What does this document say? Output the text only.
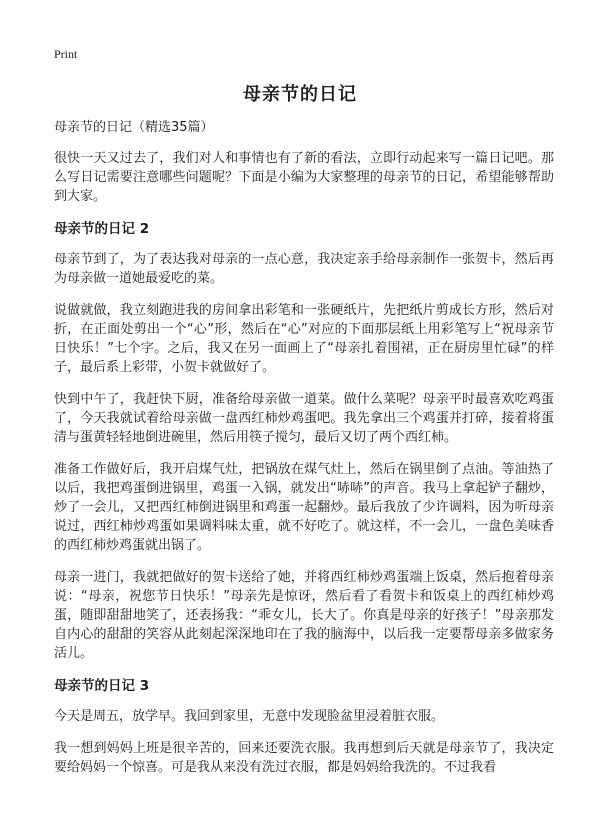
Print
母亲节的日记
母亲节的日记（精选35篇）

很快一天又过去了，我们对人和事情也有了新的看法，立即行动起来写一篇日记吧。那么写日记需要注意哪些问题呢？下面是小编为大家整理的母亲节的日记，希望能够帮助到大家。

母亲节的日记 2

母亲节到了，为了表达我对母亲的一点心意，我决定亲手给母亲制作一张贺卡，然后再为母亲做一道她最爱吃的菜。

说做就做，我立刻跑进我的房间拿出彩笔和一张硬纸片，先把纸片剪成长方形，然后对折，在正面处剪出一个“心”形，然后在“心”对应的下面那层纸上用彩笔写上“祝母亲节日快乐！”七个字。之后，我又在另一面画上了“母亲扎着围裙，正在厨房里忙碌”的样子，最后系上彩带，小贺卡就做好了。

快到中午了，我赶快下厨，准备给母亲做一道菜。做什么菜呢？母亲平时最喜欢吃鸡蛋了，今天我就试着给母亲做一盘西红柿炒鸡蛋吧。我先拿出三个鸡蛋并打碎，接着将蛋清与蛋黄轻轻地倒进碗里，然后用筷子搅匀，最后又切了两个西红柿。

准备工作做好后，我开启煤气灶，把锅放在煤气灶上，然后在锅里倒了点油。等油热了以后，我把鸡蛋倒进锅里，鸡蛋一入锅，就发出“哧哧”的声音。我马上拿起铲子翻炒，炒了一会儿，又把西红柿倒进锅里和鸡蛋一起翻炒。最后我放了少许调料，因为听母亲说过，西红柿炒鸡蛋如果调料味太重，就不好吃了。就这样，不一会儿，一盘色美味香的西红柿炒鸡蛋就出锅了。

母亲一进门，我就把做好的贺卡送给了她，并将西红柿炒鸡蛋端上饭桌，然后抱着母亲说：“母亲，祝您节日快乐！”母亲先是惊讶，然后看了看贺卡和饭桌上的西红柿炒鸡蛋，随即甜甜地笑了，还表扬我：“乖女儿，长大了。你真是母亲的好孩子！”母亲那发自内心的甜甜的笑容从此刻起深深地印在了我的脑海中，以后我一定要帮母亲多做家务活儿。

母亲节的日记 3

今天是周五，放学早。我回到家里，无意中发现脸盆里浸着脏衣服。

我一想到妈妈上班是很辛苦的，回来还要洗衣服。我再想到后天就是母亲节了，我决定要给妈妈一个惊喜。可是我从来没有洗过衣服，都是妈妈给我洗的。不过我看
